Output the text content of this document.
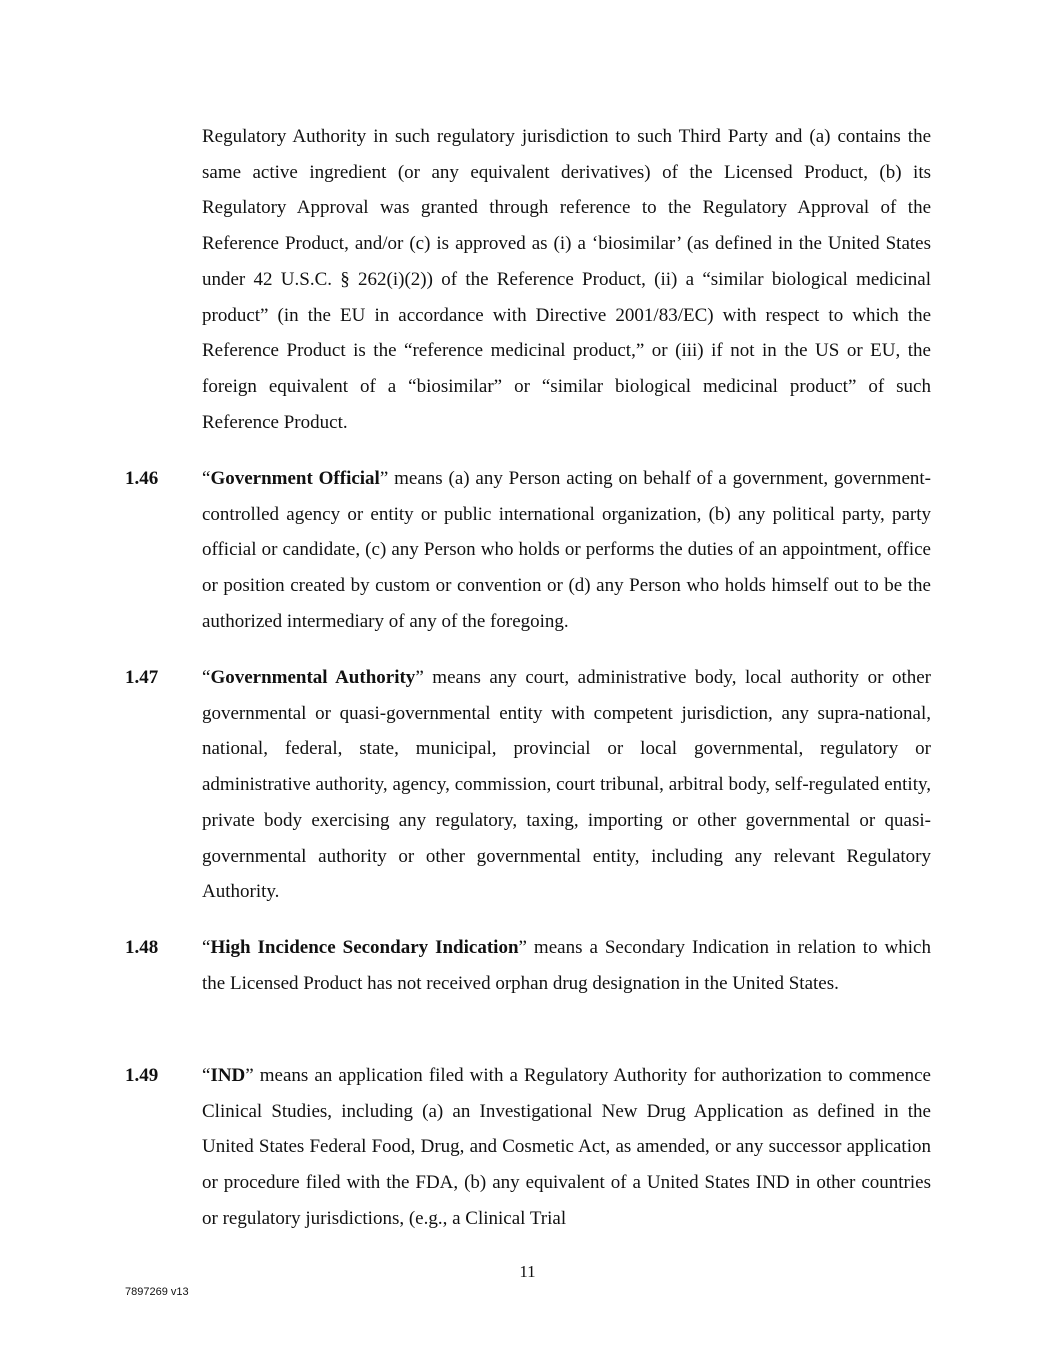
Regulatory Authority in such regulatory jurisdiction to such Third Party and (a) contains the same active ingredient (or any equivalent derivatives) of the Licensed Product, (b) its Regulatory Approval was granted through reference to the Regulatory Approval of the Reference Product, and/or (c) is approved as (i) a ‘biosimilar’ (as defined in the United States under 42 U.S.C. § 262(i)(2)) of the Reference Product, (ii) a “similar biological medicinal product” (in the EU in accordance with Directive 2001/83/EC) with respect to which the Reference Product is the “reference medicinal product,” or (iii) if not in the US or EU, the foreign equivalent of a “biosimilar” or “similar biological medicinal product” of such Reference Product.
1.46 “Government Official” means (a) any Person acting on behalf of a government, government-controlled agency or entity or public international organization, (b) any political party, party official or candidate, (c) any Person who holds or performs the duties of an appointment, office or position created by custom or convention or (d) any Person who holds himself out to be the authorized intermediary of any of the foregoing.
1.47 “Governmental Authority” means any court, administrative body, local authority or other governmental or quasi-governmental entity with competent jurisdiction, any supra-national, national, federal, state, municipal, provincial or local governmental, regulatory or administrative authority, agency, commission, court tribunal, arbitral body, self-regulated entity, private body exercising any regulatory, taxing, importing or other governmental or quasi-governmental authority or other governmental entity, including any relevant Regulatory Authority.
1.48 “High Incidence Secondary Indication” means a Secondary Indication in relation to which the Licensed Product has not received orphan drug designation in the United States.
1.49 “IND” means an application filed with a Regulatory Authority for authorization to commence Clinical Studies, including (a) an Investigational New Drug Application as defined in the United States Federal Food, Drug, and Cosmetic Act, as amended, or any successor application or procedure filed with the FDA, (b) any equivalent of a United States IND in other countries or regulatory jurisdictions, (e.g., a Clinical Trial
11
7897269 v13
